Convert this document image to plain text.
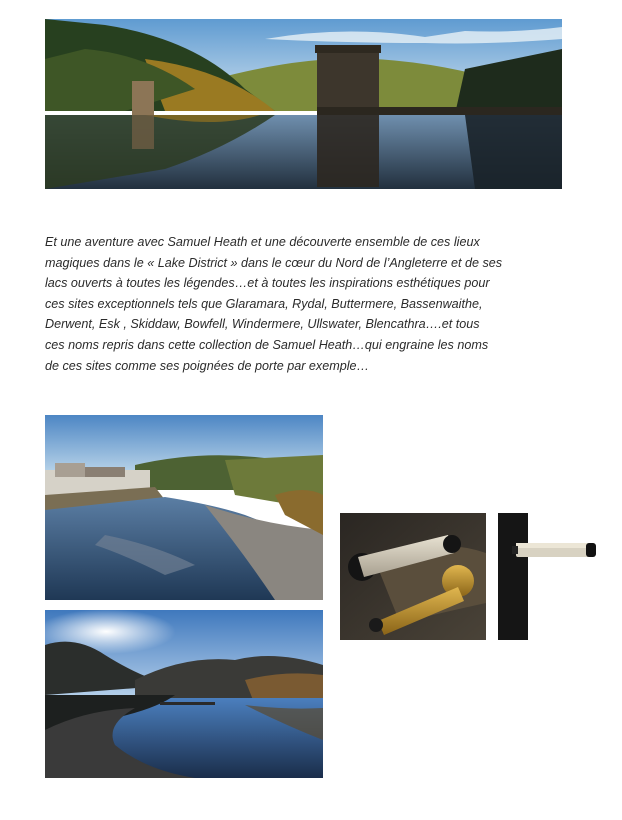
Et une aventure avec Samuel Heath et une découverte ensemble de ces lieux
magiques dans le « Lake District » dans le cœur du Nord de l’Angleterre et de ses
lacs ouverts à toutes les légendes…et à toutes les inspirations esthétiques pour
ces sites exceptionnels tels que Glaramara, Rydal, Buttermere, Bassenwaithe,
Derwent, Esk , Skiddaw, Bowfell, Windermere, Ullswater, Blencathra….et tous
ces noms repris dans cette collection de Samuel Heath…qui engraine les noms
de ces sites comme ses poignées de porte par exemple…
